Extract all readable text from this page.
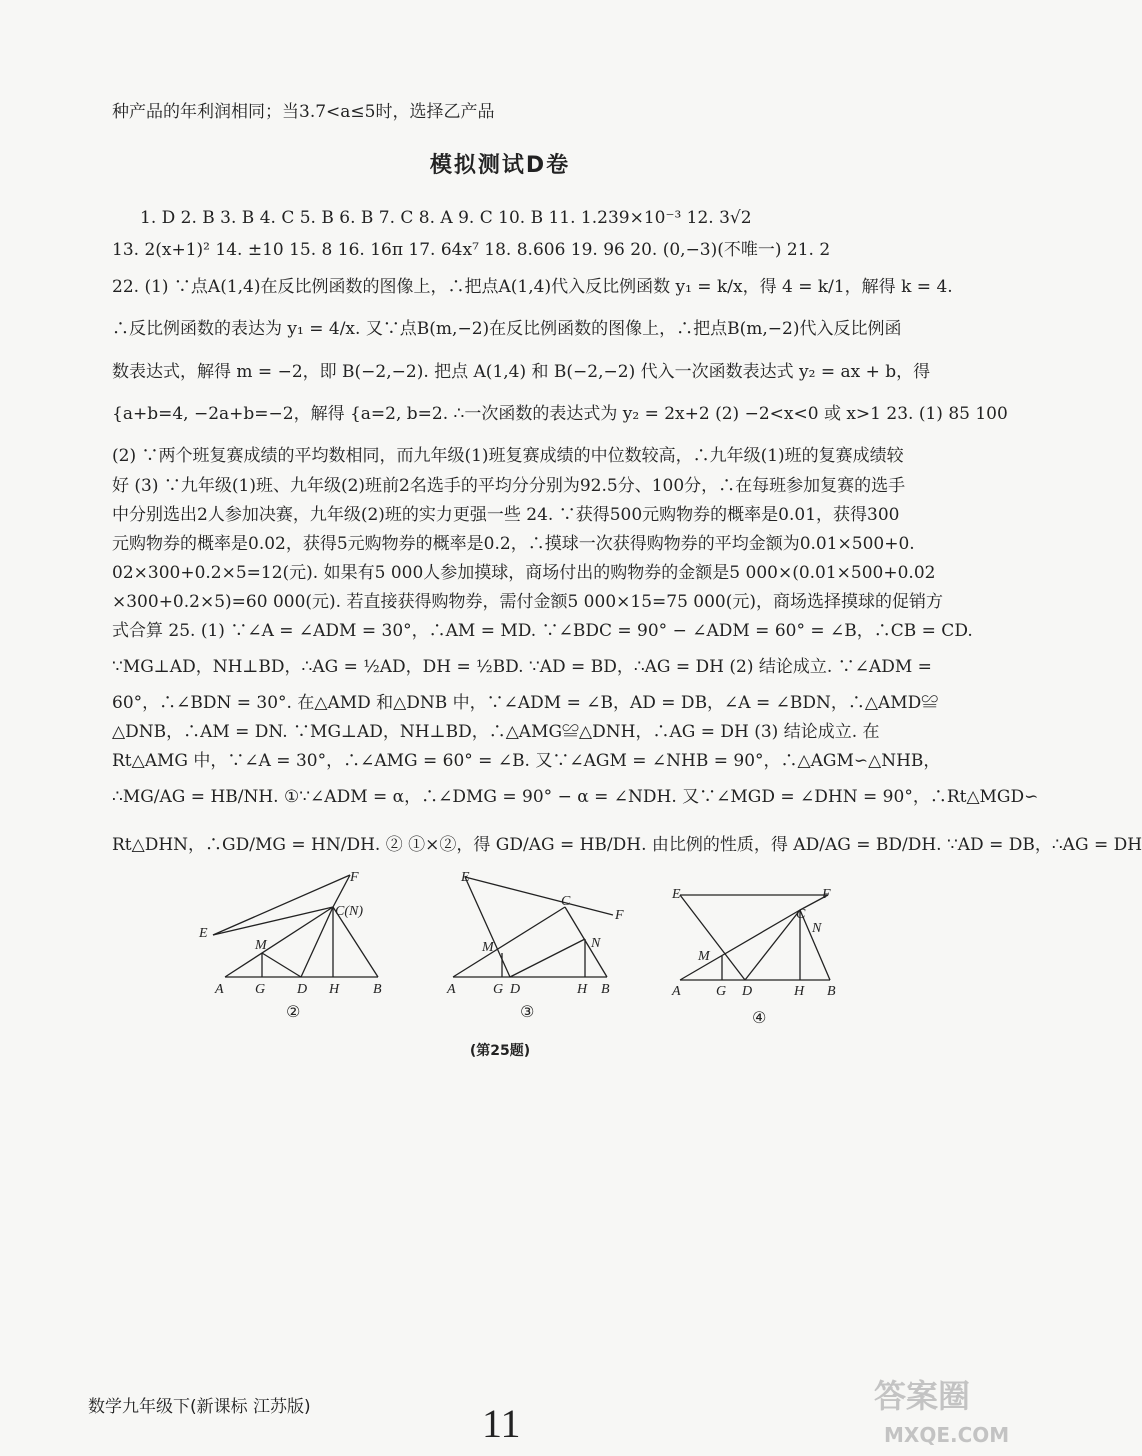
种产品的年利润相同；当3.7<a≤5时，选择乙产品
模拟测试D卷
1. D 2. B 3. B 4. C 5. B 6. B 7. C 8. A 9. C 10. B 11. 1.239×10⁻³ 12. 3√2
13. 2(x+1)² 14. ±10 15. 8 16. 16π 17. 64x⁷ 18. 8.606 19. 96 20. (0,−3)(不唯一) 21. 2
22. (1) ∵点A(1,4)在反比例函数的图像上，∴把点A(1,4)代入反比例函数 y₁ = k/x，得 4 = k/1，解得 k = 4.
∴反比例函数的表达为 y₁ = 4/x. 又∵点B(m,−2)在反比例函数的图像上，∴把点B(m,−2)代入反比例函
数表达式，解得 m = −2，即 B(−2,−2). 把点 A(1,4) 和 B(−2,−2) 代入一次函数表达式 y₂ = ax + b，得
{a+b=4, −2a+b=−2，解得 {a=2, b=2. ∴一次函数的表达式为 y₂ = 2x+2 (2) −2<x<0 或 x>1 23. (1) 85 100
(2) ∵两个班复赛成绩的平均数相同，而九年级(1)班复赛成绩的中位数较高，∴九年级(1)班的复赛成绩较
好 (3) ∵九年级(1)班、九年级(2)班前2名选手的平均分分别为92.5分、100分，∴在每班参加复赛的选手
中分别选出2人参加决赛，九年级(2)班的实力更强一些 24. ∵获得500元购物券的概率是0.01，获得300
元购物券的概率是0.02，获得5元购物券的概率是0.2，∴摸球一次获得购物券的平均金额为0.01×500+0.
02×300+0.2×5=12(元). 如果有5 000人参加摸球，商场付出的购物券的金额是5 000×(0.01×500+0.02
×300+0.2×5)=60 000(元). 若直接获得购物券，需付金额5 000×15=75 000(元)，商场选择摸球的促销方
式合算 25. (1) ∵∠A = ∠ADM = 30°，∴AM = MD. ∵∠BDC = 90° − ∠ADM = 60° = ∠B，∴CB = CD.
∵MG⊥AD，NH⊥BD，∴AG = ½AD，DH = ½BD. ∵AD = BD，∴AG = DH (2) 结论成立. ∵∠ADM =
60°，∴∠BDN = 30°. 在△AMD 和△DNB 中，∵∠ADM = ∠B，AD = DB，∠A = ∠BDN，∴△AMD≌
△DNB，∴AM = DN. ∵MG⊥AD，NH⊥BD，∴△AMG≌△DNH，∴AG = DH (3) 结论成立. 在
Rt△AMG 中，∵∠A = 30°，∴∠AMG = 60° = ∠B. 又∵∠AGM = ∠NHB = 90°，∴△AGM∽△NHB，
∴MG/AG = HB/NH. ①∵∠ADM = α，∴∠DMG = 90° − α = ∠NDH. 又∵∠MGD = ∠DHN = 90°，∴Rt△MGD∽
Rt△DHN，∴GD/MG = HN/DH. ② ①×②，得 GD/AG = HB/DH. 由比例的性质，得 AD/AG = BD/DH. ∵AD = DB，∴AG = DH
A G D H B
M
E
F
C(N)
②
A	G D	H B
M
E
F
C
N
③
A	G D	H B
M
E	F
C
N
④
(第25题)
数学九年级下(新课标 江苏版)	11
答案圈
MXQE.COM
